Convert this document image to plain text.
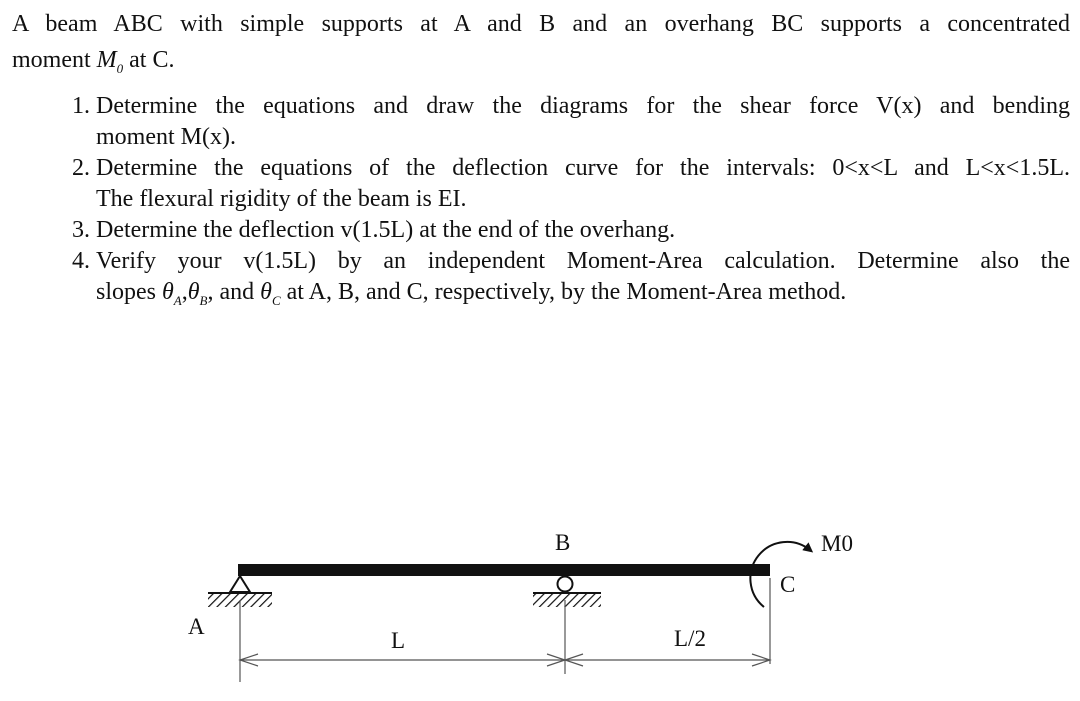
A beam ABC with simple supports at A and B and an overhang BC supports a concentrated
moment $M_0$ at C.
1. Determine the equations and draw the diagrams for the shear force V(x) and bending
moment M(x).
2. Determine the equations of the deflection curve for the intervals: 0<x<L and L<x<1.5L.
The flexural rigidity of the beam is EI.
3. Determine the deflection v(1.5L) at the end of the overhang.
4. Verify your v(1.5L) by an independent Moment-Area calculation. Determine also the
slopes $\theta_A,\theta_B$, and $\theta_C$ at A, B, and C, respectively, by the Moment-Area method.
A
B
C
M0
L	L/2
